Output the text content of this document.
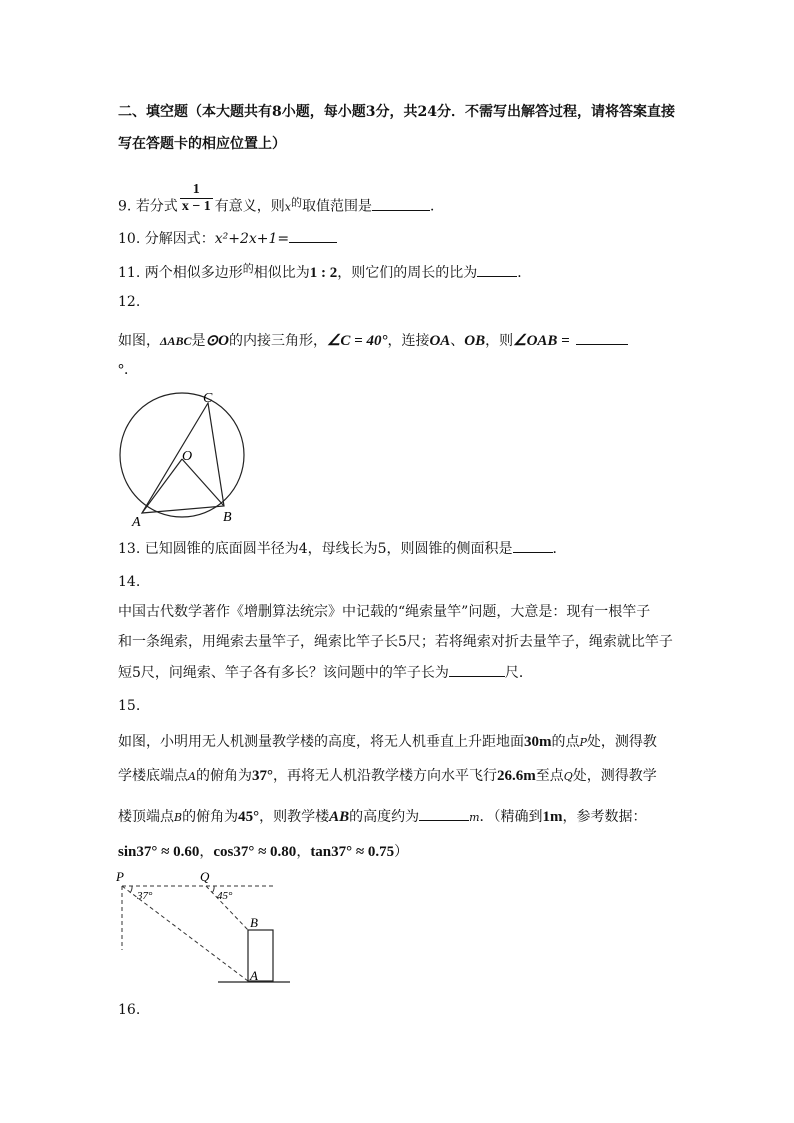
二、填空题（本大题共有8小题，每小题3分，共24分．不需写出解答过程，请将答案直接
写在答题卡的相应位置上）
9. 若分式 $\frac{1}{x - 1}$ 有意义，则$x^的$取值范围是	．
10. 分解因式：x²+2x+1=
11. 两个相似多边形$^的$相似比为1 : 2，则它们的周长的比为	．
12.
如图，ΔABC是⊙O的内接三角形，∠C = 40°，连接OA、OB，则∠OAB =
°．
C
O
A	B
13. 已知圆锥的底面圆半径为4，母线长为5，则圆锥的侧面积是	．
14.
中国古代数学著作《增删算法统宗》中记载的“绳索量竿”问题，大意是：现有一根竿子
和一条绳索，用绳索去量竿子，绳索比竿子长5尺；若将绳索对折去量竿子，绳索就比竿子
短5尺，问绳索、竿子各有多长？该问题中的竿子长为	尺．
15.
如图，小明用无人机测量教学楼的高度，将无人机垂直上升距地面30m的点P处，测得教
学楼底端点A的俯角为37°，再将无人机沿教学楼方向水平飞行26.6m至点Q处，测得教学
楼顶端点B的俯角为45°，则教学楼AB的高度约为	m．（精确到1m，参考数据：
sin37° ≈ 0.60，cos37° ≈ 0.80，tan37° ≈ 0.75）
P	Q
37°	45°
B
A
16.
